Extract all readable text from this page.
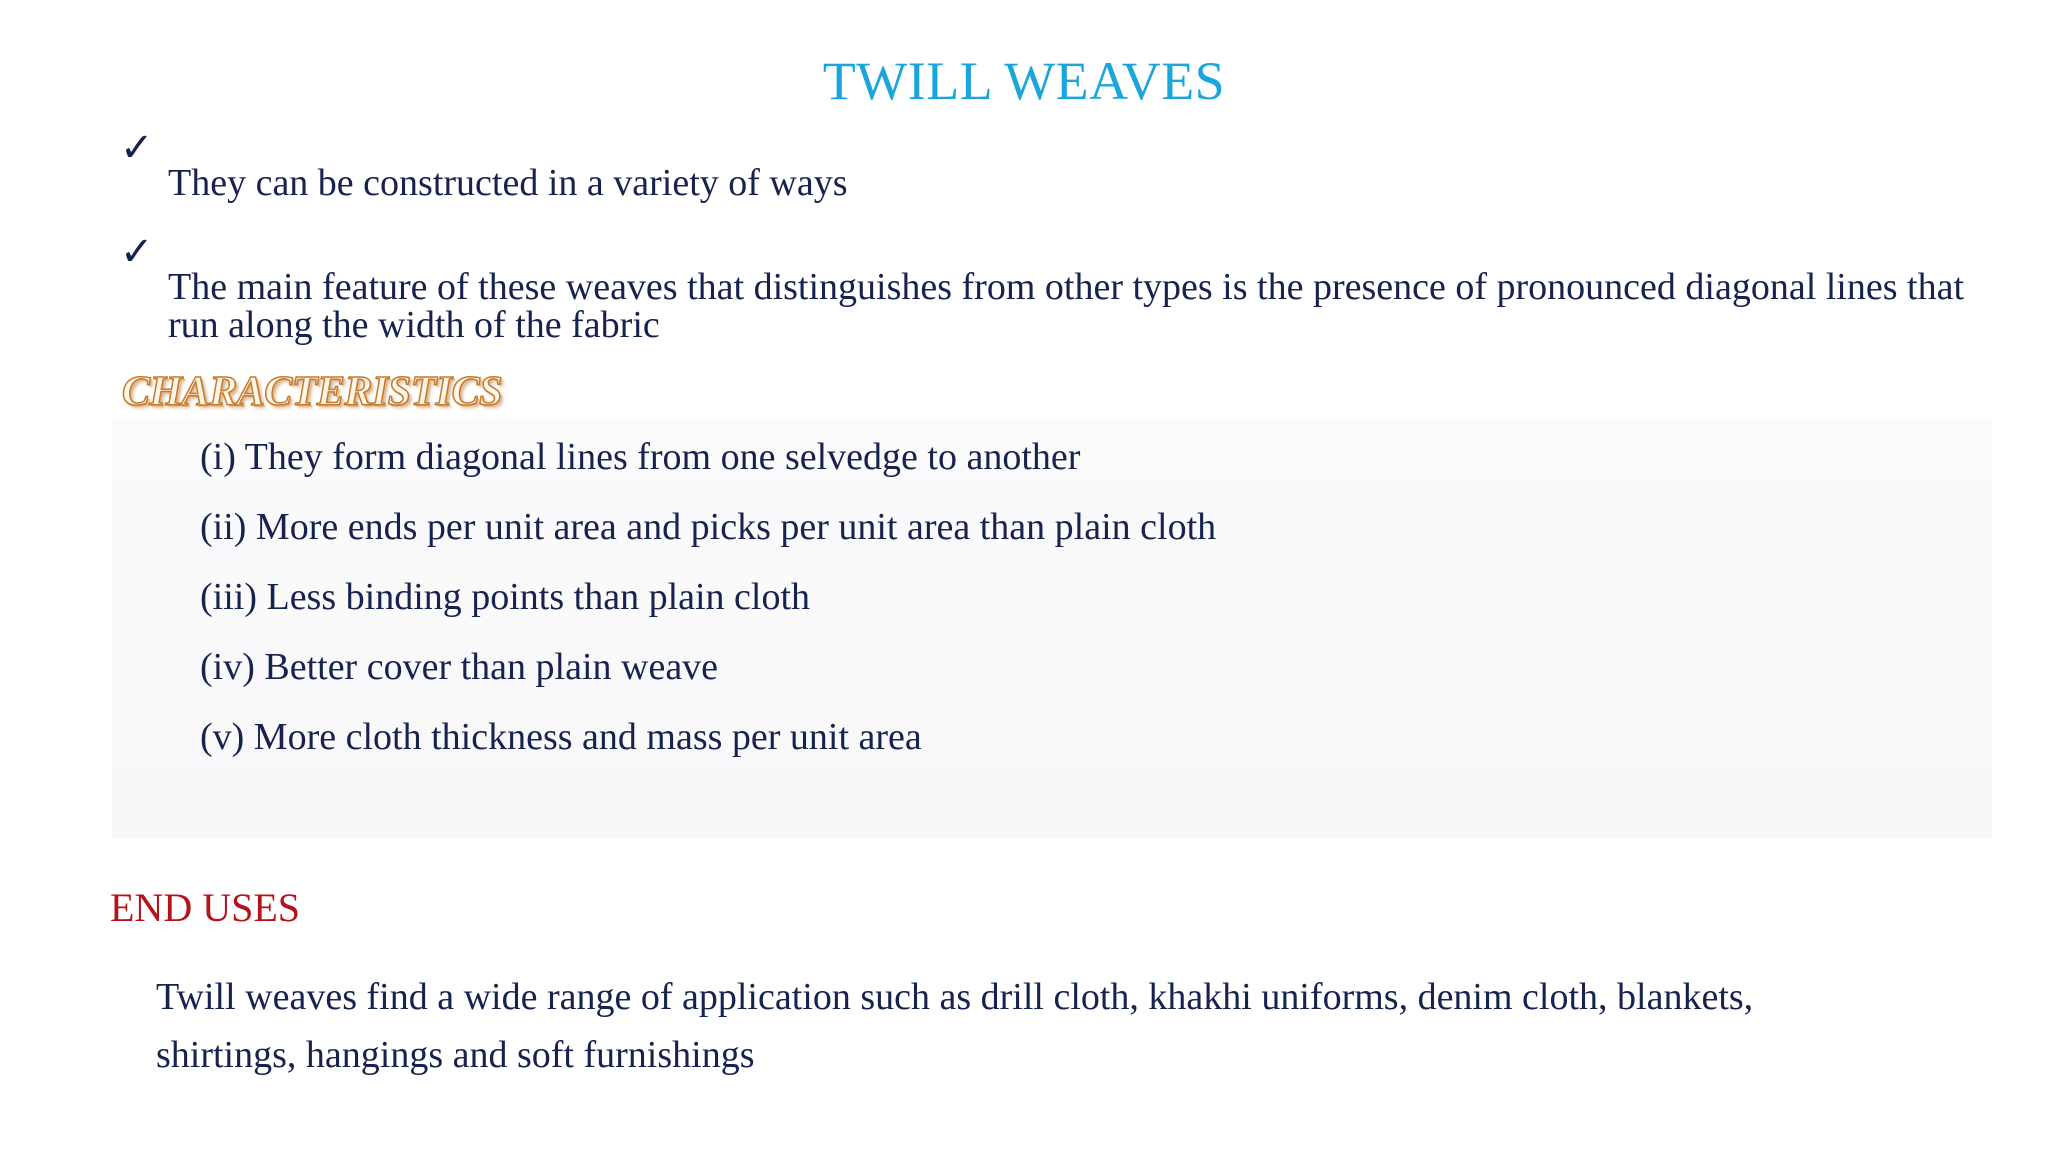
TWILL WEAVES
✓
They can be constructed in a variety of ways
✓
The main feature of these weaves that distinguishes from other types is the presence of pronounced diagonal lines that run along the width of the fabric
CHARACTERISTICS
(i) They form diagonal lines from one selvedge to another
(ii) More ends per unit area and picks per unit area than plain cloth
(iii) Less binding points than plain cloth
(iv) Better cover than plain weave
(v) More cloth thickness and mass per unit area
END USES
Twill weaves find a wide range of application such as drill cloth, khakhi uniforms, denim cloth, blankets, shirtings, hangings and soft furnishings
